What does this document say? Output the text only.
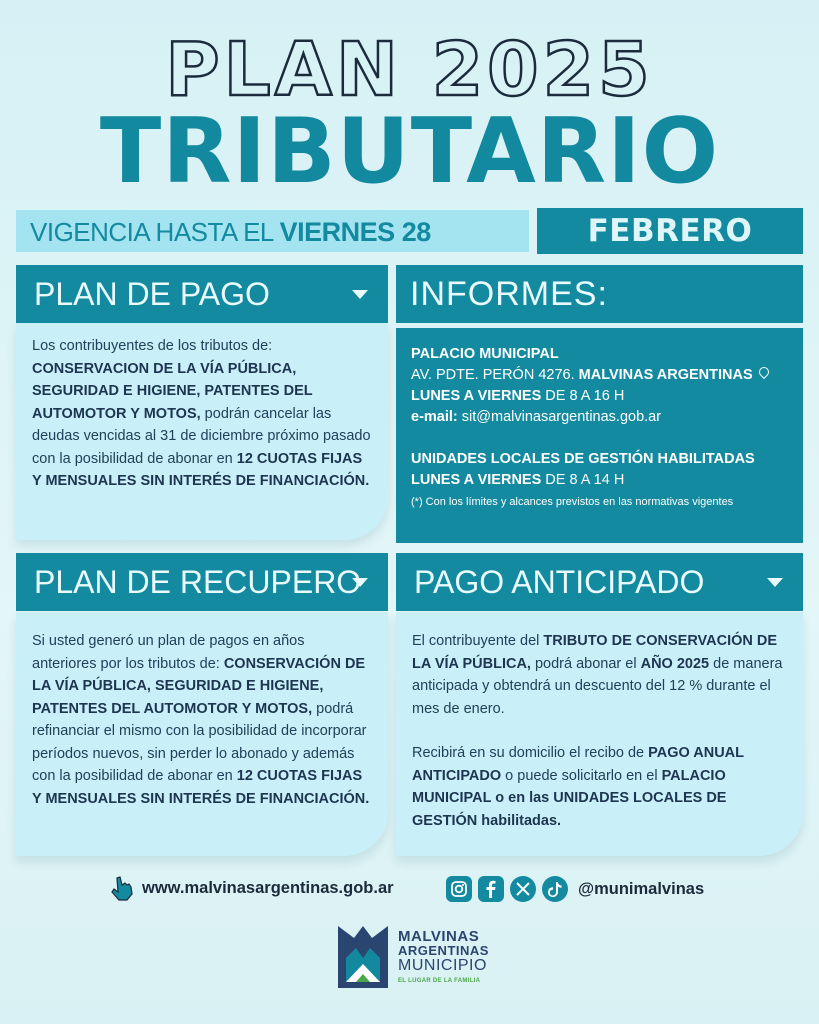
PLAN 2025
TRIBUTARIO
VIGENCIA HASTA EL VIERNES 28	FEBRERO
PLAN DE PAGO

Los contribuyentes de los tributos de: CONSERVACION DE LA VÍA PÚBLICA, SEGURIDAD E HIGIENE, PATENTES DEL AUTOMOTOR Y MOTOS, podrán cancelar las deudas vencidas al 31 de diciembre próximo pasado con la posibilidad de abonar en 12 CUOTAS FIJAS Y MENSUALES SIN INTERÉS DE FINANCIACIÓN.

INFORMES:
PALACIO MUNICIPAL
AV. PDTE. PERÓN 4276. MALVINAS ARGENTINAS
LUNES A VIERNES DE 8 A 16 H
e-mail: sit@malvinasargentinas.gob.ar
UNIDADES LOCALES DE GESTIÓN HABILITADAS
LUNES A VIERNES DE 8 A 14 H
(*) Con los límites y alcances previstos en las normativas vigentes
PLAN DE RECUPERO

Si usted generó un plan de pagos en años anteriores por los tributos de: CONSERVACIÓN DE LA VÍA PÚBLICA, SEGURIDAD E HIGIENE, PATENTES DEL AUTOMOTOR Y MOTOS, podrá refinanciar el mismo con la posibilidad de incorporar períodos nuevos, sin perder lo abonado y además con la posibilidad de abonar en 12 CUOTAS FIJAS Y MENSUALES SIN INTERÉS DE FINANCIACIÓN.

PAGO ANTICIPADO

El contribuyente del TRIBUTO DE CONSERVACIÓN DE LA VÍA PÚBLICA, podrá abonar el AÑO 2025 de manera anticipada y obtendrá un descuento del 12 % durante el mes de enero.

Recibirá en su domicilio el recibo de PAGO ANUAL ANTICIPADO o puede solicitarlo en el PALACIO MUNICIPAL o en las UNIDADES LOCALES DE GESTIÓN habilitadas.

www.malvinasargentinas.gob.ar	@munimalvinas
MALVINAS
ARGENTINAS
MUNICIPIO
EL LUGAR DE LA FAMILIA
